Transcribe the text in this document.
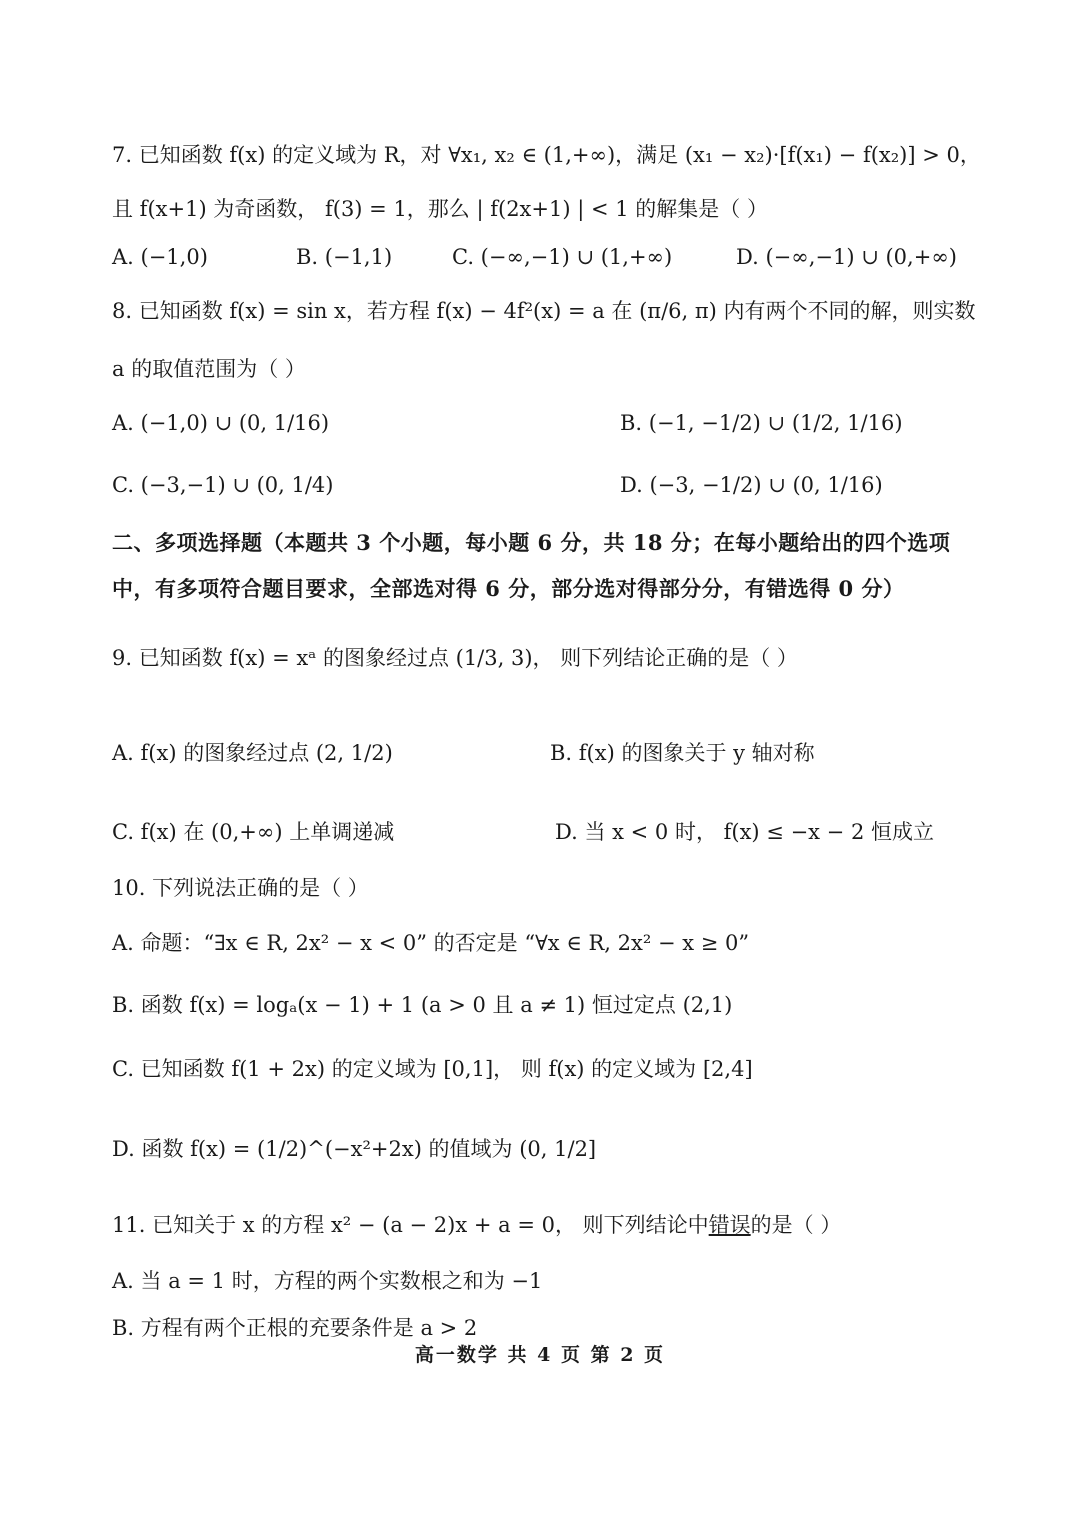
7. 已知函数 f(x) 的定义域为 R，对 ∀x₁, x₂ ∈ (1,+∞)，满足 (x₁ − x₂)·[f(x₁) − f(x₂)] > 0，
且 f(x+1) 为奇函数， f(3) = 1，那么 | f(2x+1) | < 1 的解集是（ ）
A. (−1,0)	B. (−1,1)	C. (−∞,−1) ∪ (1,+∞)	D. (−∞,−1) ∪ (0,+∞)
8. 已知函数 f(x) = sin x，若方程 f(x) − 4f²(x) = a 在 (π/6, π) 内有两个不同的解，则实数
a 的取值范围为（ ）
A. (−1,0) ∪ (0, 1/16)	B. (−1, −1/2) ∪ (1/2, 1/16)
C. (−3,−1) ∪ (0, 1/4)	D. (−3, −1/2) ∪ (0, 1/16)
二、多项选择题（本题共 3 个小题，每小题 6 分，共 18 分；在每小题给出的四个选项
中，有多项符合题目要求，全部选对得 6 分，部分选对得部分分，有错选得 0 分）
9. 已知函数 f(x) = xᵃ 的图象经过点 (1/3, 3)， 则下列结论正确的是（ ）
A. f(x) 的图象经过点 (2, 1/2)	B. f(x) 的图象关于 y 轴对称
C. f(x) 在 (0,+∞) 上单调递减	D. 当 x < 0 时， f(x) ≤ −x − 2 恒成立
10. 下列说法正确的是（ ）
A. 命题：“∃x ∈ R, 2x² − x < 0” 的否定是 “∀x ∈ R, 2x² − x ≥ 0”
B. 函数 f(x) = logₐ(x − 1) + 1 (a > 0 且 a ≠ 1) 恒过定点 (2,1)
C. 已知函数 f(1 + 2x) 的定义域为 [0,1]， 则 f(x) 的定义域为 [2,4]
D. 函数 f(x) = (1/2)^(−x²+2x) 的值域为 (0, 1/2]
11. 已知关于 x 的方程 x² − (a − 2)x + a = 0， 则下列结论中错误的是（ ）
A. 当 a = 1 时，方程的两个实数根之和为 −1
B. 方程有两个正根的充要条件是 a > 2
高一数学 共 4 页 第 2 页
